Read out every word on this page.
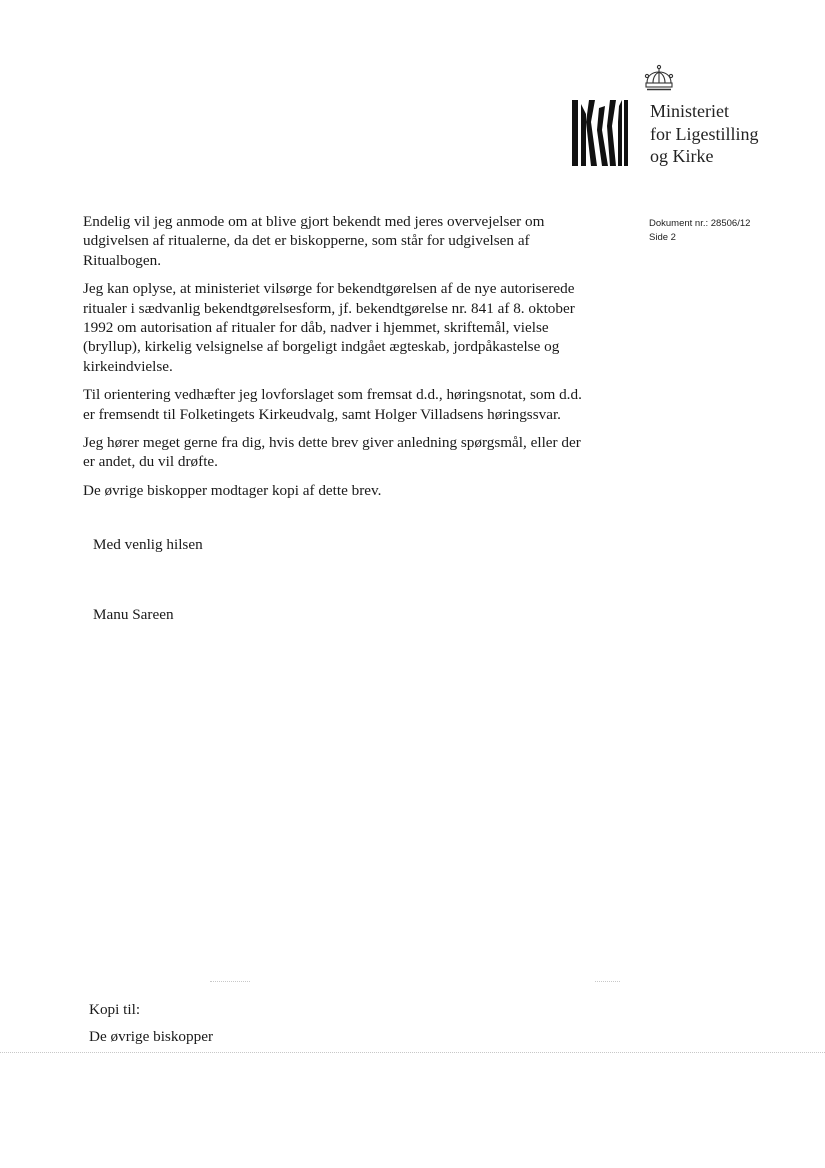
Ministeriet
for Ligestilling
og Kirke
Dokument nr.: 28506/12
Side 2

Endelig vil jeg anmode om at blive gjort bekendt med jeres overvejelser om udgivelsen af ritualerne, da det er biskopperne, som står for udgivelsen af Ritualbogen.

Jeg kan oplyse, at ministeriet vilsørge for bekendtgørelsen af de nye autoriserede ritualer i sædvanlig bekendtgørelsesform, jf. bekendtgørelse nr. 841 af 8. oktober 1992 om autorisation af ritualer for dåb, nadver i hjemmet, skriftemål, vielse (bryllup), kirkelig velsignelse af borgeligt indgået ægteskab, jordpåkastelse og kirkeindvielse.

Til orientering vedhæfter jeg lovforslaget som fremsat d.d., høringsnotat, som d.d. er fremsendt til Folketingets Kirkeudvalg, samt Holger Villadsens høringssvar.

Jeg hører meget gerne fra dig, hvis dette brev giver anledning spørgsmål, eller der er andet, du vil drøfte.

De øvrige biskopper modtager kopi af dette brev.

Med venlig hilsen
Manu Sareen
Kopi til:
De øvrige biskopper
